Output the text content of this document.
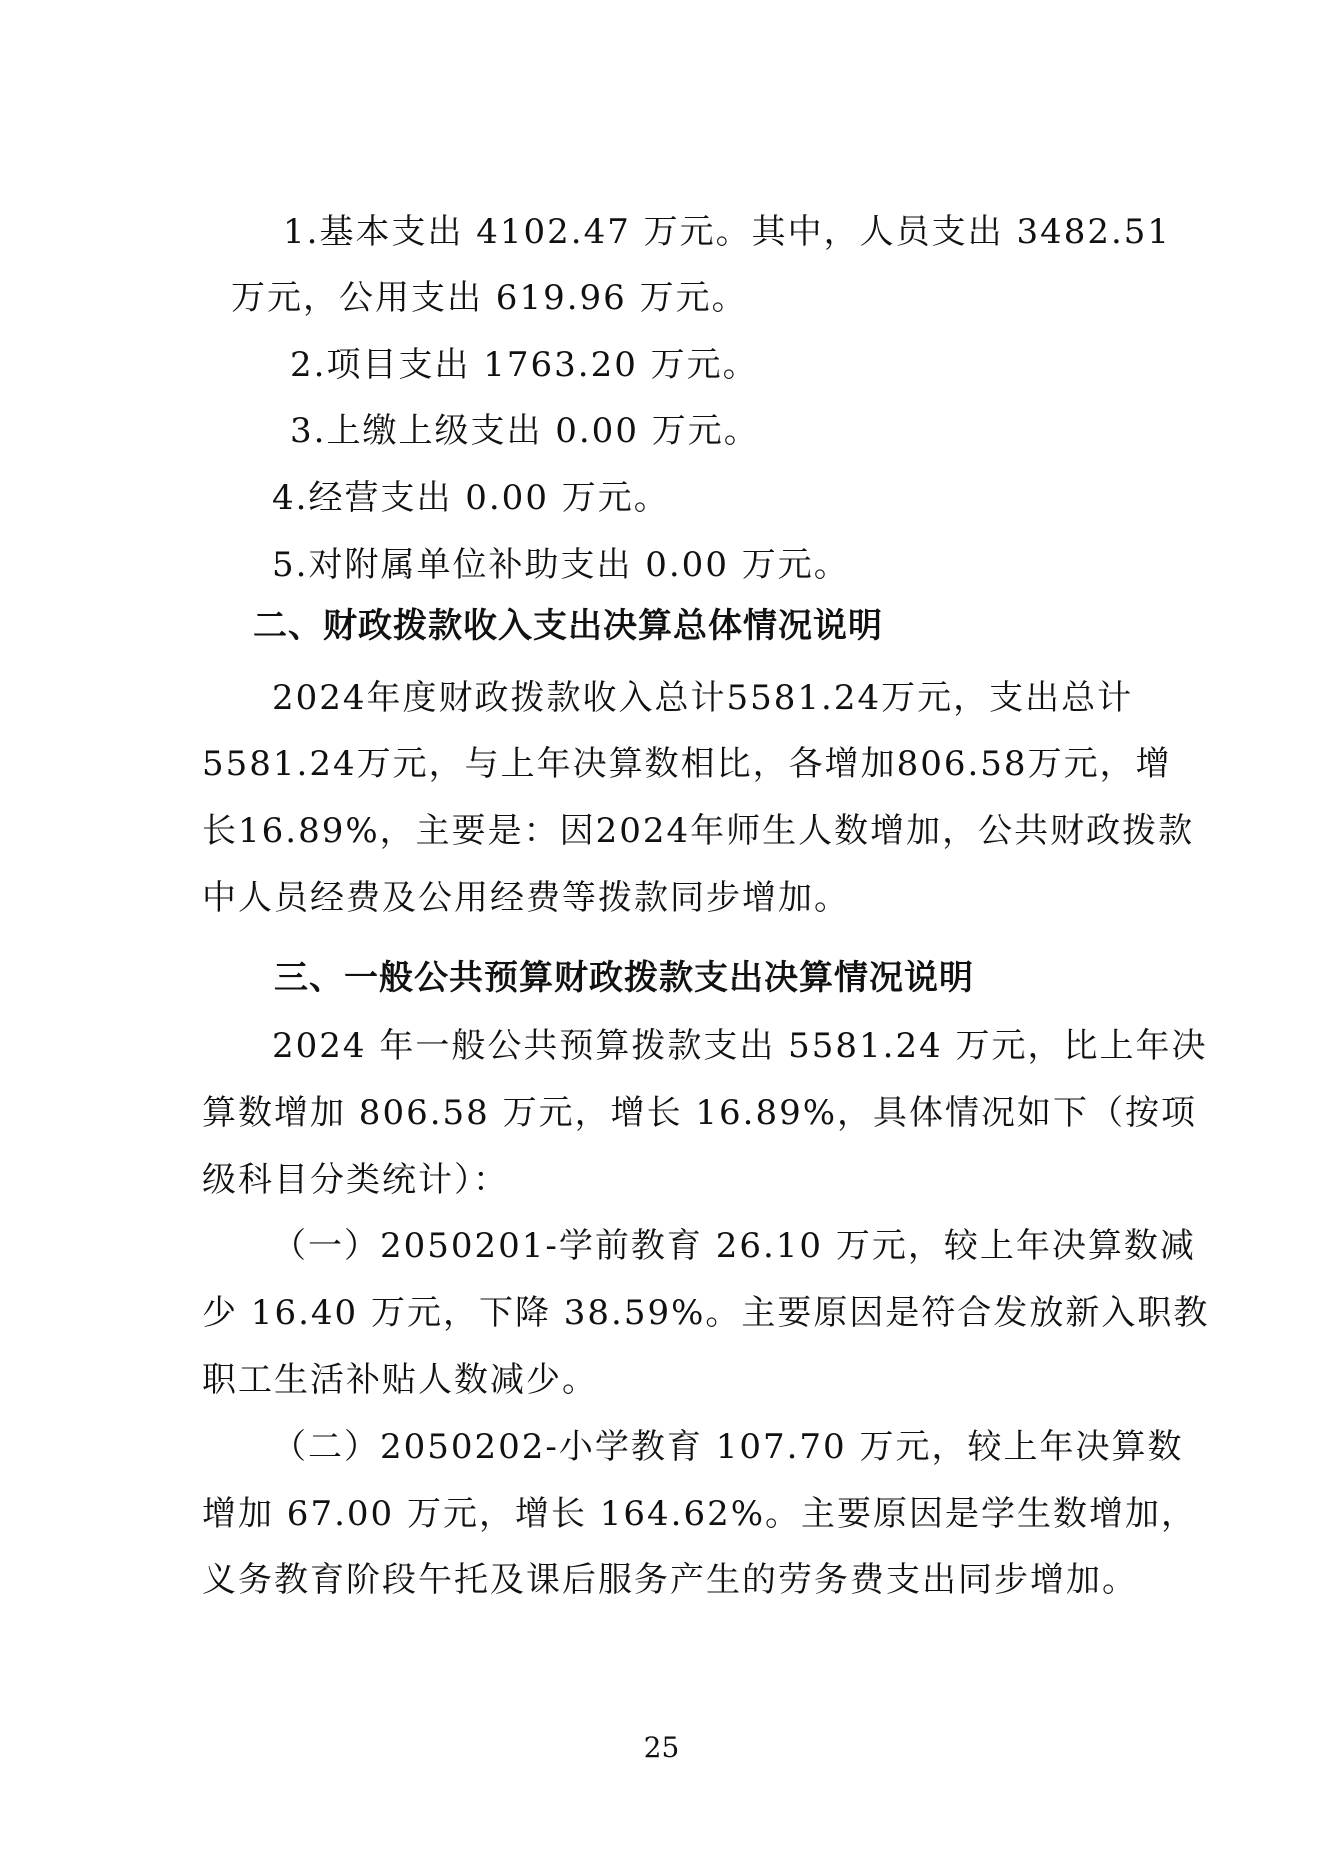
1.基本支出 4102.47 万元。其中，人员支出 3482.51
万元，公用支出 619.96 万元。
2.项目支出 1763.20 万元。
3.上缴上级支出 0.00 万元。
4.经营支出 0.00 万元。
5.对附属单位补助支出 0.00 万元。
二、财政拨款收入支出决算总体情况说明
2024年度财政拨款收入总计5581.24万元，支出总计
5581.24万元，与上年决算数相比，各增加806.58万元，增
长16.89%，主要是：因2024年师生人数增加，公共财政拨款
中人员经费及公用经费等拨款同步增加。
三、一般公共预算财政拨款支出决算情况说明
2024 年一般公共预算拨款支出 5581.24 万元，比上年决
算数增加 806.58 万元，增长 16.89%，具体情况如下（按项
级科目分类统计）：
（一）2050201-学前教育 26.10 万元，较上年决算数减
少 16.40 万元，下降 38.59%。主要原因是符合发放新入职教
职工生活补贴人数减少。
（二）2050202-小学教育 107.70 万元，较上年决算数
增加 67.00 万元，增长 164.62%。主要原因是学生数增加，
义务教育阶段午托及课后服务产生的劳务费支出同步增加。
25
